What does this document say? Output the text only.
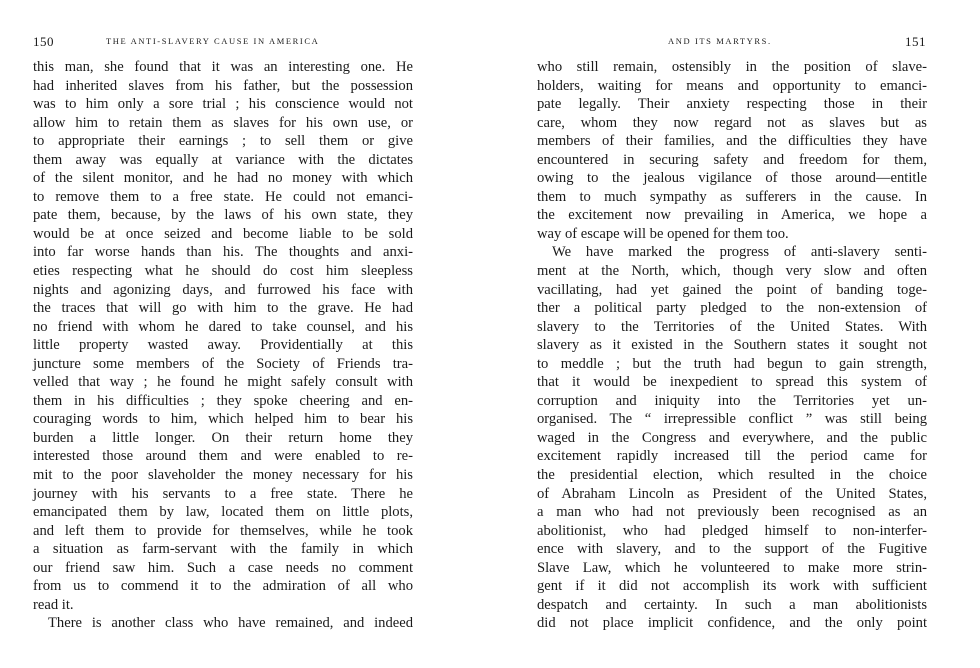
150	THE ANTI-SLAVERY CAUSE IN AMERICA
this man, she found that it was an interesting one. He
had inherited slaves from his father, but the possession
was to him only a sore trial ; his conscience would not
allow him to retain them as slaves for his own use, or
to appropriate their earnings ; to sell them or give
them away was equally at variance with the dictates
of the silent monitor, and he had no money with which
to remove them to a free state. He could not emanci-
pate them, because, by the laws of his own state, they
would be at once seized and become liable to be sold
into far worse hands than his. The thoughts and anxi-
eties respecting what he should do cost him sleepless
nights and agonizing days, and furrowed his face with
the traces that will go with him to the grave. He had
no friend with whom he dared to take counsel, and his
little property wasted away. Providentially at this
juncture some members of the Society of Friends tra-
velled that way ; he found he might safely consult with
them in his difficulties ; they spoke cheering and en-
couraging words to him, which helped him to bear his
burden a little longer. On their return home they
interested those around them and were enabled to re-
mit to the poor slaveholder the money necessary for his
journey with his servants to a free state. There he
emancipated them by law, located them on little plots,
and left them to provide for themselves, while he took
a situation as farm-servant with the family in which
our friend saw him. Such a case needs no comment
from us to commend it to the admiration of all who
read it.
There is another class who have remained, and indeed
AND ITS MARTYRS.	151
who still remain, ostensibly in the position of slave-
holders, waiting for means and opportunity to emanci-
pate legally. Their anxiety respecting those in their
care, whom they now regard not as slaves but as
members of their families, and the difficulties they have
encountered in securing safety and freedom for them,
owing to the jealous vigilance of those around—entitle
them to much sympathy as sufferers in the cause. In
the excitement now prevailing in America, we hope a
way of escape will be opened for them too.
We have marked the progress of anti-slavery senti-
ment at the North, which, though very slow and often
vacillating, had yet gained the point of banding toge-
ther a political party pledged to the non-extension of
slavery to the Territories of the United States. With
slavery as it existed in the Southern states it sought not
to meddle ; but the truth had begun to gain strength,
that it would be inexpedient to spread this system of
corruption and iniquity into the Territories yet un-
organised. The “ irrepressible conflict ” was still being
waged in the Congress and everywhere, and the public
excitement rapidly increased till the period came for
the presidential election, which resulted in the choice
of Abraham Lincoln as President of the United States,
a man who had not previously been recognised as an
abolitionist, who had pledged himself to non-interfer-
ence with slavery, and to the support of the Fugitive
Slave Law, which he volunteered to make more strin-
gent if it did not accomplish its work with sufficient
despatch and certainty. In such a man abolitionists
did not place implicit confidence, and the only point
